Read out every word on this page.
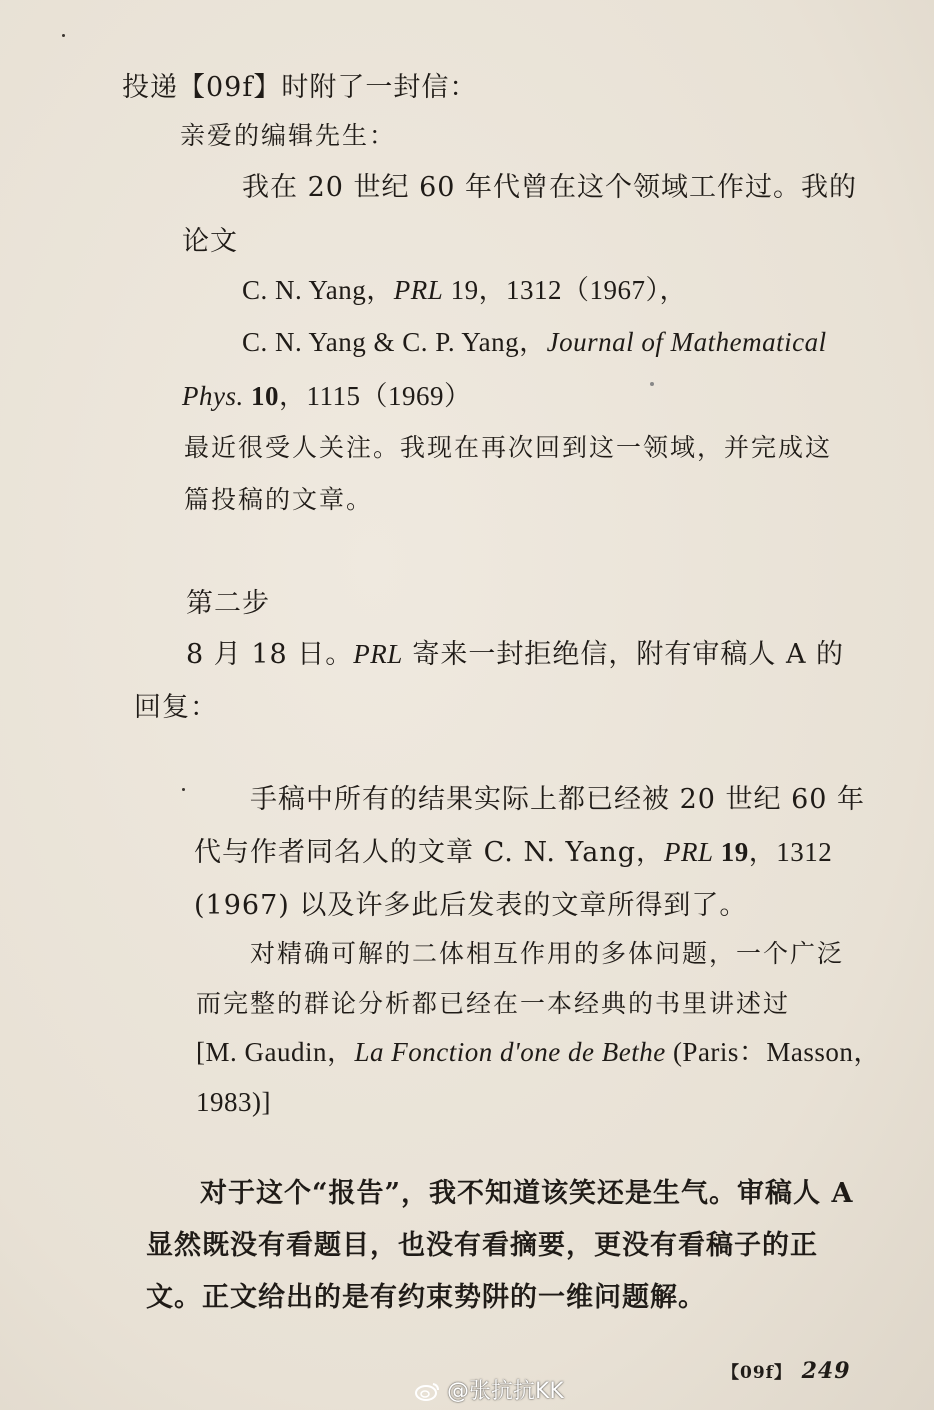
投递【09f】时附了一封信：
亲爱的编辑先生：
我在 20 世纪 60 年代曾在这个领域工作过。我的
论文
C. N. Yang，PRL 19，1312（1967），
C. N. Yang & C. P. Yang，Journal of Mathematical
Phys. 10，1115（1969）
最近很受人关注。我现在再次回到这一领域，并完成这
篇投稿的文章。
第二步
8 月 18 日。PRL 寄来一封拒绝信，附有审稿人 A 的
回复：
手稿中所有的结果实际上都已经被 20 世纪 60 年
代与作者同名人的文章 C. N. Yang，PRL 19，1312
(1967) 以及许多此后发表的文章所得到了。
对精确可解的二体相互作用的多体问题，一个广泛
而完整的群论分析都已经在一本经典的书里讲述过
[M. Gaudin，La Fonction d'one de Bethe (Paris：Masson，
1983)]
对于这个“报告”，我不知道该笑还是生气。审稿人 A
显然既没有看题目，也没有看摘要，更没有看稿子的正
文。正文给出的是有约束势阱的一维问题解。
【09f】 249
@张抗抗KK
